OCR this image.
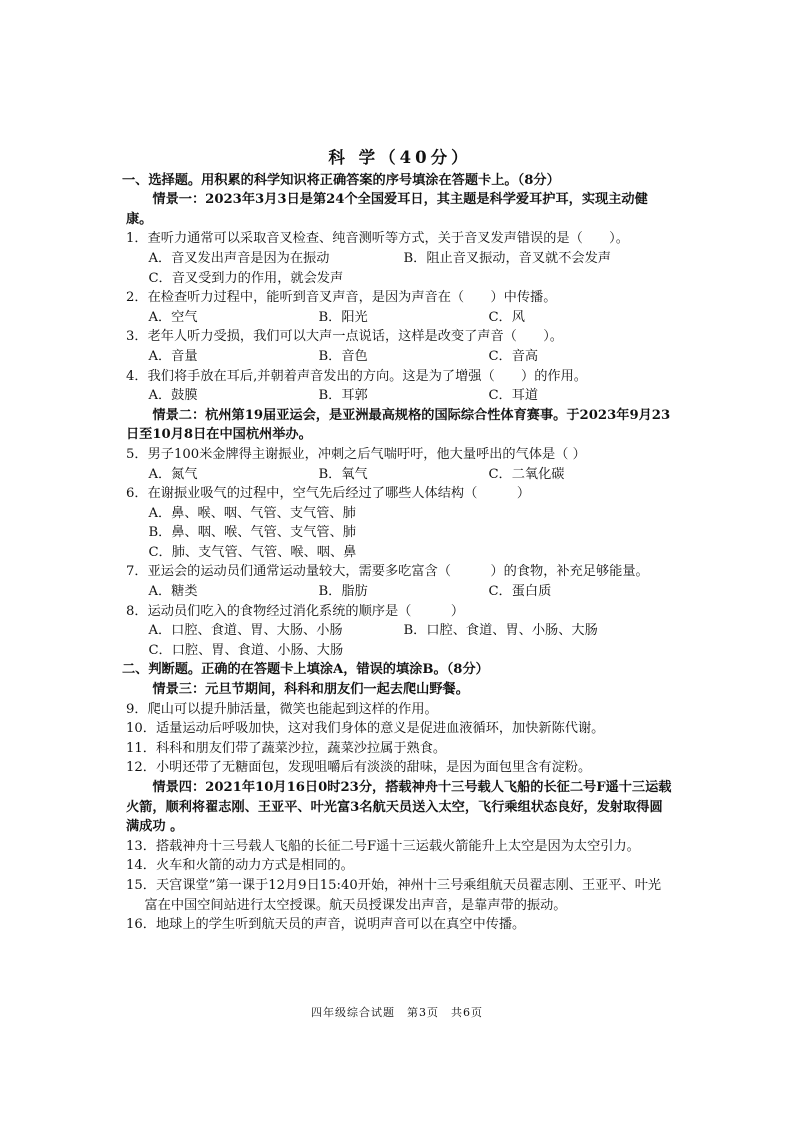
科 学（40分）
一、选择题。用积累的科学知识将正确答案的序号填涂在答题卡上。（8分）
情景一：2023年3月3日是第24个全国爱耳日，其主题是科学爱耳护耳，实现主动健康。
1．查听力通常可以采取音叉检查、纯音测听等方式，关于音叉发声错误的是（　　）。
A．音叉发出声音是因为在振动	B．阻止音叉振动，音叉就不会发声
C．音叉受到力的作用，就会发声
2．在检查听力过程中，能听到音叉声音，是因为声音在（　　）中传播。
A．空气	B．阳光	C．风
3．老年人听力受损，我们可以大声一点说话，这样是改变了声音（　　）。
A．音量	B．音色	C．音高
4．我们将手放在耳后,并朝着声音发出的方向。这是为了增强（　　）的作用。
A．鼓膜	B．耳郭	C．耳道
情景二：杭州第19届亚运会，是亚洲最高规格的国际综合性体育赛事。于2023年9月23日至10月8日在中国杭州举办。
5．男子100米金牌得主谢振业，冲刺之后气喘吁吁，他大量呼出的气体是（ ）
A．氮气	B．氧气	C．二氧化碳
6．在谢振业吸气的过程中，空气先后经过了哪些人体结构（　　　）
A．鼻、喉、咽、气管、支气管、肺
B．鼻、咽、喉、气管、支气管、肺
C．肺、支气管、气管、喉、咽、鼻
7．亚运会的运动员们通常运动量较大，需要多吃富含（　　　）的食物，补充足够能量。
A．糖类	B．脂肪	C．蛋白质
8．运动员们吃入的食物经过消化系统的顺序是（　　　）
A．口腔、食道、胃、大肠、小肠	B．口腔、食道、胃、小肠、大肠
C．口腔、胃、食道、小肠、大肠
二、判断题。正确的在答题卡上填涂A，错误的填涂B。（8分）
情景三：元旦节期间，科科和朋友们一起去爬山野餐。
9．爬山可以提升肺活量，微笑也能起到这样的作用。
10．适量运动后呼吸加快，这对我们身体的意义是促进血液循环，加快新陈代谢。
11．科科和朋友们带了蔬菜沙拉，蔬菜沙拉属于熟食。
12．小明还带了无糖面包，发现咀嚼后有淡淡的甜味，是因为面包里含有淀粉。
情景四：2021年10月16日0时23分，搭载神舟十三号载人飞船的长征二号F遥十三运载火箭，顺利将翟志刚、王亚平、叶光富3名航天员送入太空，飞行乘组状态良好，发射取得圆满成功 。
13．搭载神舟十三号载人飞船的长征二号F遥十三运载火箭能升上太空是因为太空引力。
14．火车和火箭的动力方式是相同的。
15．天宫课堂”第一课于12月9日15:40开始，神州十三号乘组航天员翟志刚、王亚平、叶光富在中国空间站进行太空授课。航天员授课发出声音，是靠声带的振动。
16．地球上的学生听到航天员的声音，说明声音可以在真空中传播。
四年级综合试题　第3页　共6页
